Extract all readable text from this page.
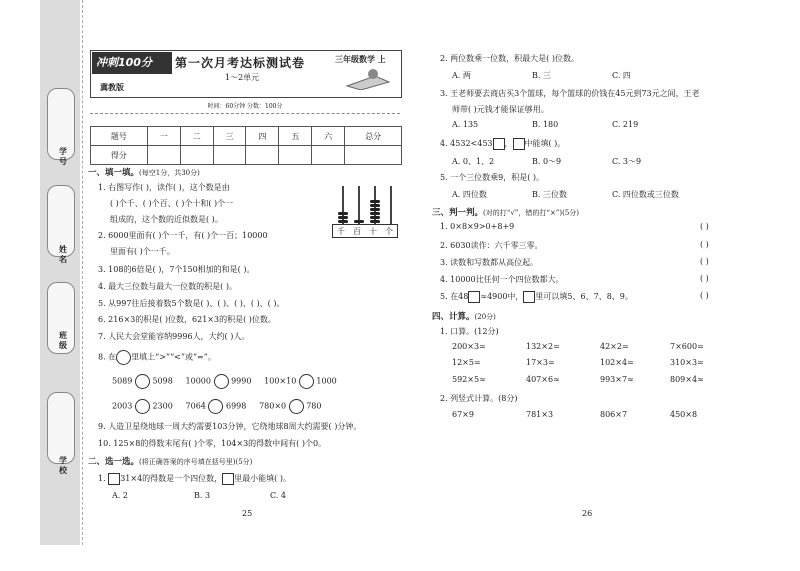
学号
姓名
班级
学校
冲刺100分	第一次月考达标测试卷
1～2单元
三年级数学 上
冀教版
时间：60分钟 分数：100分
题号	一	二	三	四	五	六	总分
得分							
一、填一填。(每空1分，共30分)
1. 右图写作( )，读作( )，这个数是由
( )个千、( )个百、( )个十和( )个一
组成的，这个数的近似数是( )。
千 百 十 个
2. 6000里面有( )个一千，有( )个一百；10000
里面有( )个一千。
3. 108的6倍是( )，7个150相加的和是( )。
4. 最大三位数与最大一位数的积是( )。
5. 从997往后接着数5个数是( )、( )、( )、( )、( )。
6. 216×3的积是( )位数，621×3的积是( )位数。
7. 人民大会堂能容纳9996人，大约( )人。
8. 在 里填上“>”“<”或“=”。
5089	5098 10000	9990 100×10	1000
2003	2300 7064	6998 780×0	780
9. 人造卫星绕地球一周大约需要103分钟，它绕地球8周大约需要( )分钟。
10. 125×8的得数末尾有( )个零，104×3的得数中间有( )个0。
二、选一选。(将正确答案的序号填在括号里)(5分)
1. 31×4的得数是一个四位数， 里最小能填( )。
A. 2	B. 3	C. 4
25
2. 两位数乘一位数，积最大是( )位数。
A. 两	B. 三	C. 四
3. 王老师要去商店买3个篮球，每个篮球的价钱在45元到73元之间，王老
师带( )元钱才能保证够用。
A. 135	B. 180	C. 219
4. 4532<453 ， 中能填( )。
A. 0、1、2	B. 0～9	C. 3～9
5. 一个三位数乘9，积是( )。
A. 四位数	B. 三位数	C. 四位数或三位数
三、判一判。(对的打“√”，错的打“×”)(5分)
1. 0×8×9>0+8+9	( )
2. 6030读作：六千零三零。	( )
3. 读数和写数都从高位起。	( )
4. 10000比任何一个四位数都大。	( )
5. 在48 ≈4900中， 里可以填5、6、7、8、9。	( )
四、计算。(20分)
1. 口算。(12分)
200×3=	132×2=	42×2=	7×600=
12×5=	17×3=	102×4=	310×3=
592×5≈	407×6≈	993×7≈	809×4≈
2. 列竖式计算。(8分)
67×9	781×3	806×7	450×8
26
